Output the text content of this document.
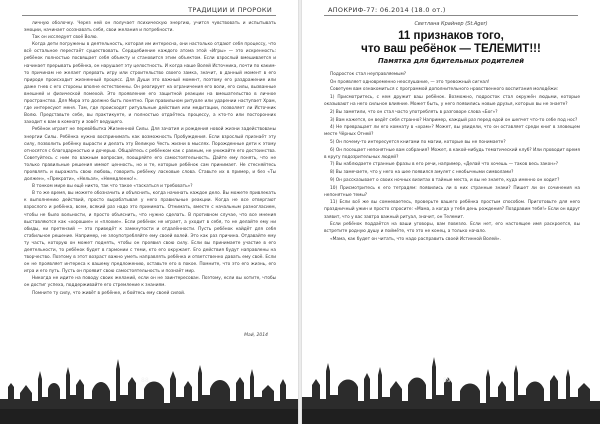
ТРАДИЦИИ И ПРОРОКИ

личную оболочку. Через ней он получает психическую энергию, учится чувствовать и испытывать эмоции, начинает осознавать себя, свои желания и потребности.

Так он исследует своё Волю.

Когда дети погружены в деятельность, которая им интересна, они настолько отдают себя процессу, что всё остальное перестаёт существовать. Сердцебиение каждого атома этой «Игры» — это искренность: ребёнок полностью посвящает себя объекту и становится этим объектом. Если взрослый вмешивается и начинает прерывать ребёнка, он нарушает эту целостность. И когда наше Волей Источника, почти по каким-то причинам не желает прервать игру или строительство своего замка, значит, в данный момент в его природе происходит жизненный процесс. Для Души это важный момент, поэтому его раздражение или даже гнев с его стороны вполне естественны. Он реагирует на ограничения его воли, его силы, вызванные внешней и физической помехой. Это проявление его защитной реакции на вмешательство в личное пространство. Для Мира это должно быть понятно. При правильном ритуале или ударении наступает Храм, где интересуют меня. Там, где происходят ритуальные действия или медитации, позволяет ли Источник Волю. Представьте себе, вы практикуете, и полностью отдаётесь процессу, а кто-то или посторонних заходит к вам в комнату и зовёт ведущего.

Ребёнок играет не перевёбытка Жизненной Силы. Для зачатия и рождения новой жизни задействованы энергии Силы. Ребёнка нужно воспринимать как возможность Пробуждения. Если взрослый признаёт эту силу, позволить ребёнку вырасти и делать эту Великую Честь жизни в мыслях. Порожденные дети к этому относятся с благодарностью и дочерью. Общайтесь с ребёнком как с равным, не унижайте его достоинства. Советуйтесь с ним по важным вопросам, поощряйте его самостоятельность. Дайте ему понять, что не только правильные решения имеют ценность, но и те, которые ребёнок сам принимает. Не стесняйтесь проявлять и выражать свою любовь, говорить ребёнку ласковые слова. Ставьте их в пример, и без «Ты должен», «Прекрати», «Нельзя», «Немедленно!».

В тонком мире вы ещё никто, так что такое «таскаться и требовать»?

В то же время, вы можете обозначить и объяснить, когда начинать каждое дело. Вы можете привлекать к выполнению действий, просто вырабатывая у него правильные реакции. Когда не все отвергают взрослого и ребёнка, всем, всякий раз надо это принимать. Отнимать, вместе с начальным разногласием, чтобы не было вольности, и просто объяснить, что нужно сделать. В противном случае, что все мнения выставляются как «хорошие» и «плохие». Если ребёнок не играет, а уходит в себя, то не делайте ему ни обиды, ни претензий — это приведёт к замкнутости и отдалённости. Пусть ребёнок найдёт для себя стабильное решение. Например, не злоупотребляйте ему своей волей. Это как раз причина. Отдавайте ему ту часть, которую он может поднять, чтобы он проявил свою силу. Если вы принимаете участие в его деятельности, то ребёнок будет в гармонии с теми, кто его окружает. Его действия будут направлены на творчество. Поэтому в этот возраст важно уметь направлять ребёнка и ответственно давать ему своё. Если он не проявляет интереса к вашему предложению, оставьте его в покое. Помните, что это его жизнь, его игра и его путь. Пусть он проявит свою самостоятельность и познаёт мир.

Никогда не идите на поводу своих желаний, если он не заинтересован. Поэтому, если вы хотите, чтобы он достиг успеха, поддерживайте его стремление к знаниям.

Помните ту силу, что живёт в ребёнке, и бойтесь ему своей силой.

Май, 2014
88
АПОКРИФ-77: 06.2014 (18.0 от.)
Светлана Крайнер (St.Ager)
11 признаков того,
что ваш ребёнок — ТЕЛЕМИТ!!!
Памятка для бдительных родителей

Подросток стал неуправляемым?

Он проявляет одновременно неослушание, — это тревожный сигнал!

Советуем вам ознакомиться с программой дополнительного нравственного воспитания молодёжи:

1) Присмотритесь, с кем дружит ваш ребёнок. Возможно, подросток стал окружён людьми, которые оказывают на него сильное влияние. Может быть, у него появились новые друзья, которых вы не знаете?

2) Вы заметили, что он стал часто употреблять в разговоре слова «Бог»?

3) Вам кажется, он ведёт себя странно? Например, каждый раз перед едой он шепчет что-то себе под нос?

4) Не превращает ли его комнату в «храм»? Может, вы увидели, что он оставляет среди книг в зловещем месте Чёрных Огней?

5) Он почему-то интересуется книгами по магии, которые вы не понимаете?

6) Он посещает непонятные вам собрания? Может, в какой-нибудь тематический клуб? Или проводит время в кругу подозрительных людей?

7) Вы наблюдаете странные фразы в его речи, например, «Делай что хочешь — таков весь закон»?

8) Вы замечаете, что у него на шее появился амулет с необычными символами?

9) Он рассказывает о своих ночных визитах в тайные места, и вы не знаете, куда именно он ходит?

10) Присмотритесь к его тетрадям: появились ли в них странные знаки? Пишет ли он сочинения на непонятные темы?

11) Если всё же вы сомневаетесь, проверьте вашего ребёнка простым способом. Приготовьте для него праздничный ужин и просто спросите: «Мама, а когда у тебя день рождения? Поздравим тебя!» Если он вдруг заявит, что у вас завтра важный ритуал, значит, он Телемит.

Если ребёнок поддаётся на ваши уговоры, вам повезло. Если нет, его настоящее имя раскроется, вы встретите родную душу и поймёте, что это не конец, а только начало.

«Мама, как будет он читать, что надо расправить своей Истинной Волей».

89
